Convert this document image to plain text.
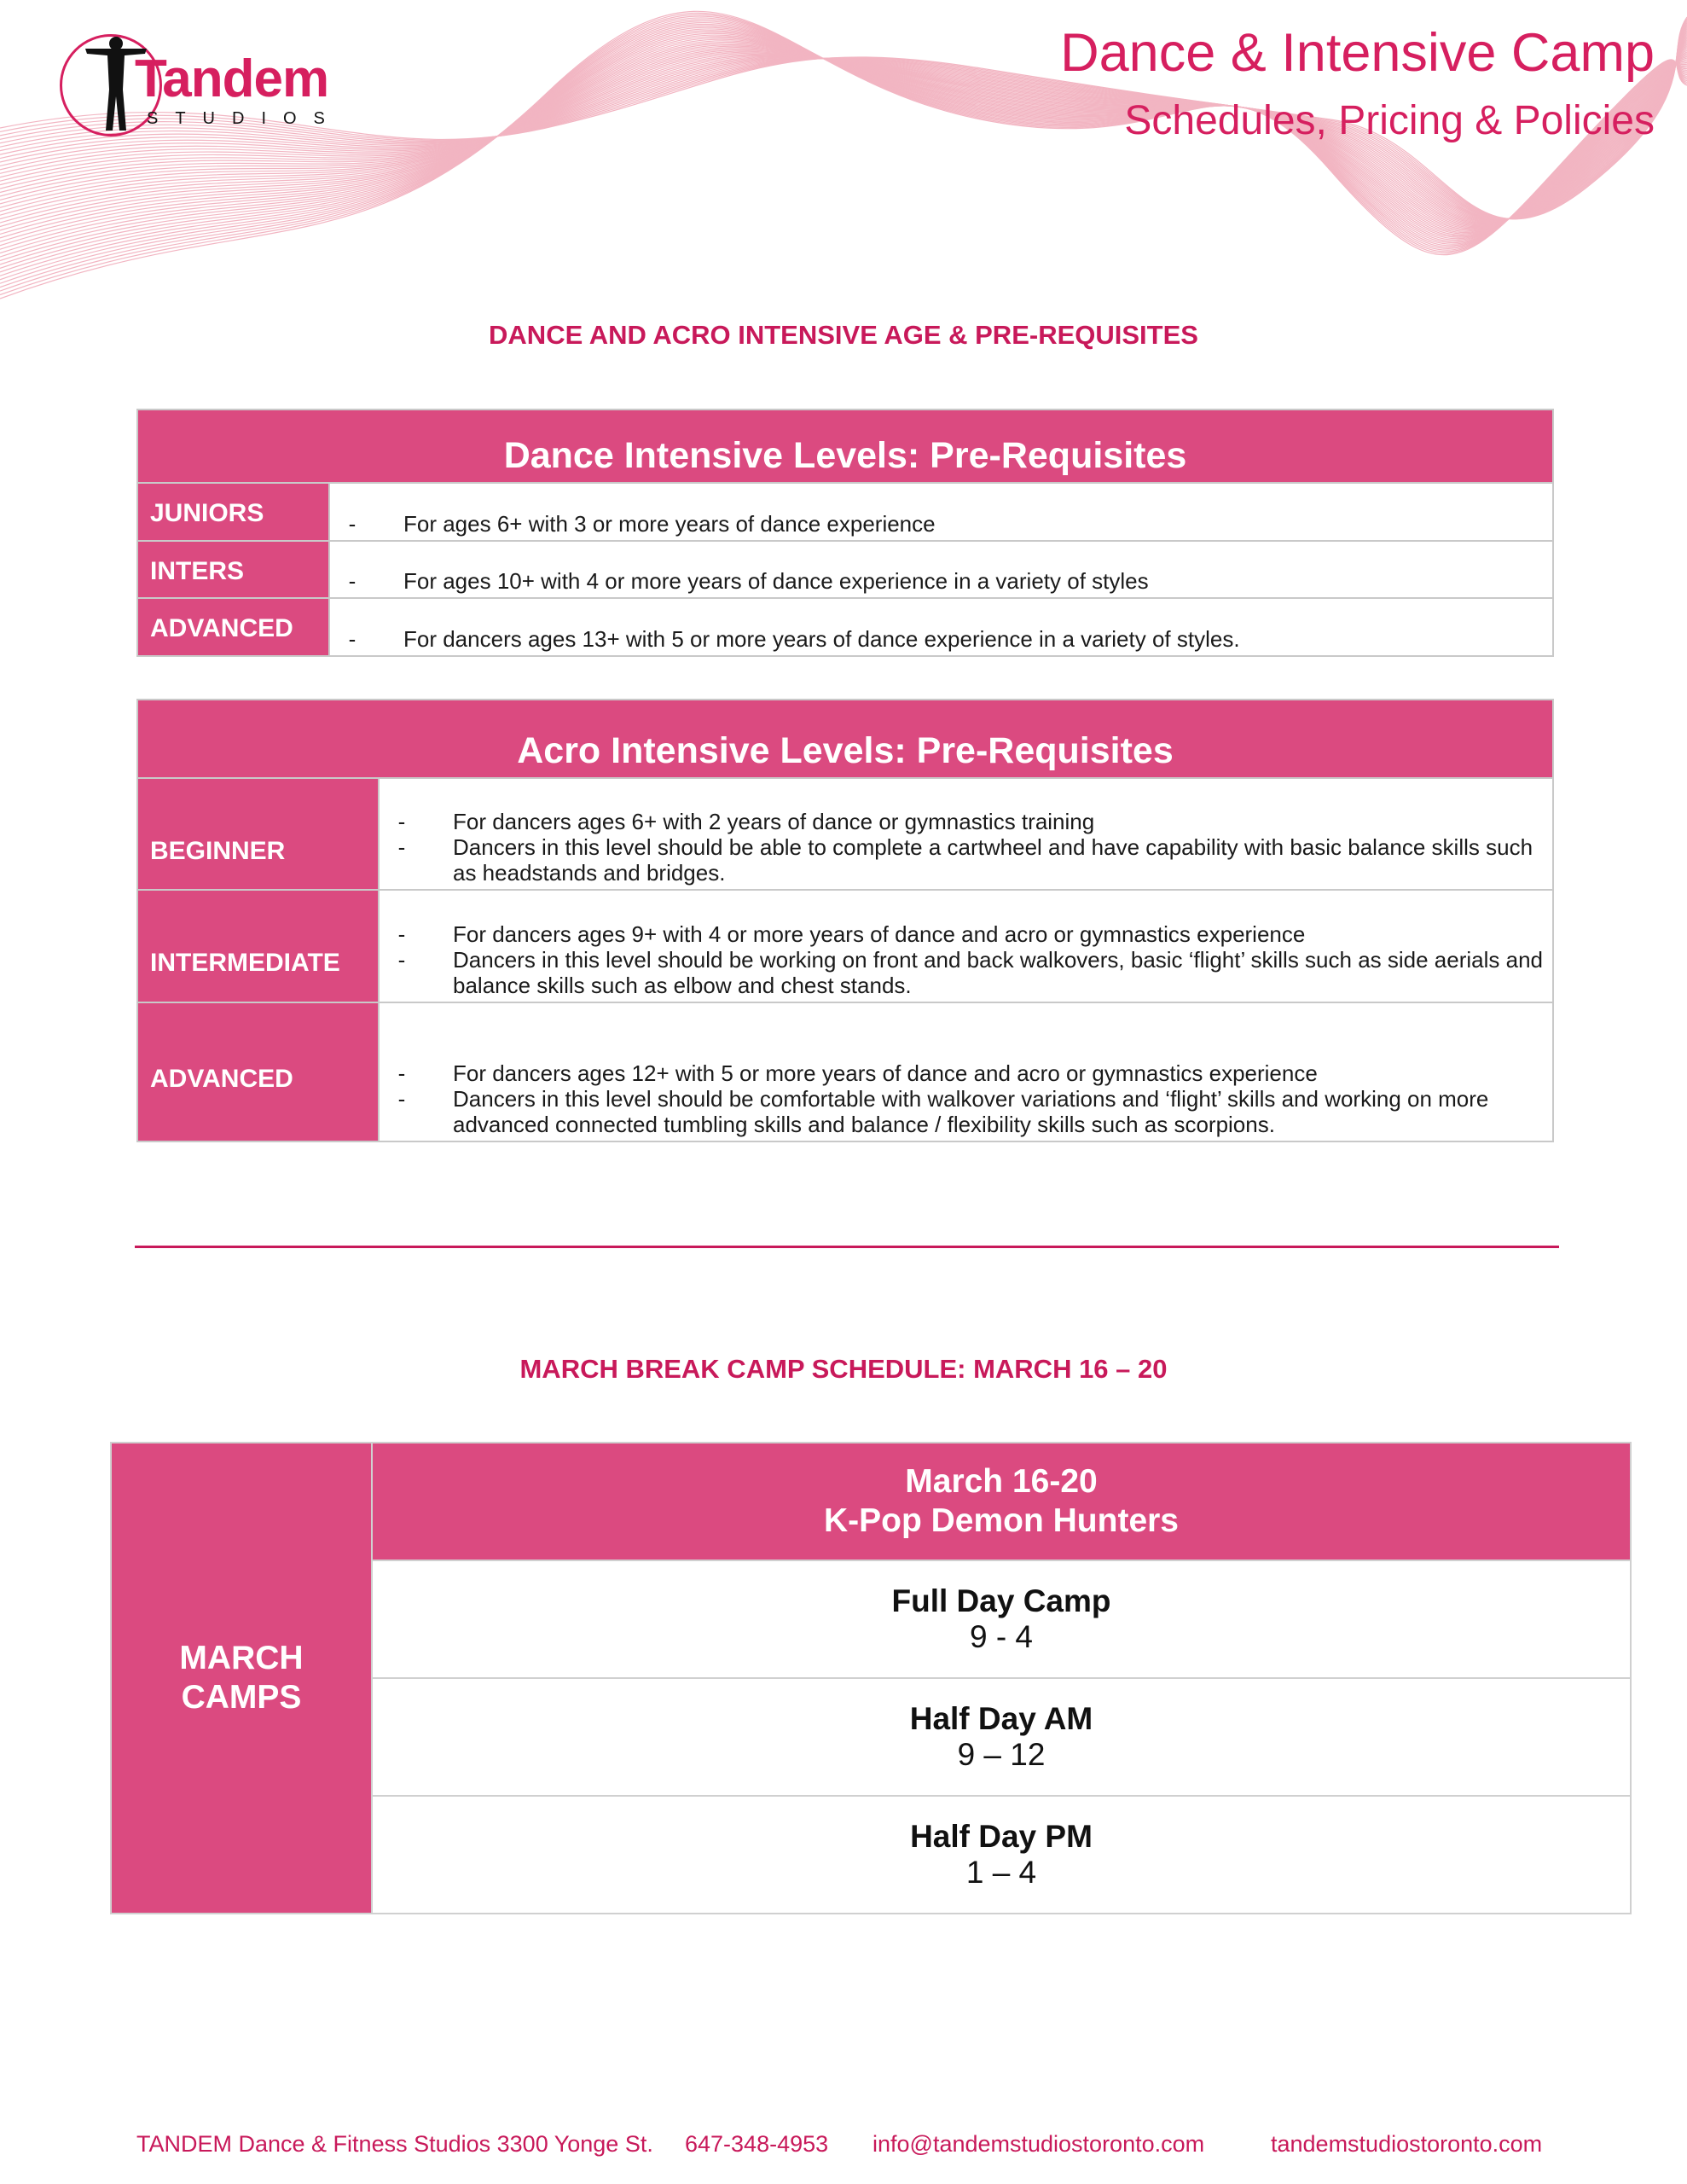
Tandem
STUDIOS
Dance & Intensive Camp
Schedules, Pricing & Policies
DANCE AND ACRO INTENSIVE AGE & PRE-REQUISITES
Dance Intensive Levels: Pre-Requisites	
JUNIORS	- For ages 6+ with 3 or more years of dance experience

INTERS	- For ages 10+ with 4 or more years of dance experience in a variety of styles

ADVANCED	- For dancers ages 13+ with 5 or more years of dance experience in a variety of styles.
Acro Intensive Levels: Pre-Requisites	
BEGINNER	- For dancers ages 6+ with 2 years of dance or gymnastics training
- Dancers in this level should be able to complete a cartwheel and have capability with basic balance skills such as headstands and bridges.

INTERMEDIATE	- For dancers ages 9+ with 4 or more years of dance and acro or gymnastics experience
- Dancers in this level should be working on front and back walkovers, basic ‘flight’ skills such as side aerials and balance skills such as elbow and chest stands.

ADVANCED	- For dancers ages 12+ with 5 or more years of dance and acro or gymnastics experience
- Dancers in this level should be comfortable with walkover variations and ‘flight’ skills and working on more advanced connected tumbling skills and balance / flexibility skills such as scorpions.
MARCH BREAK CAMP SCHEDULE: MARCH 16 – 20
MARCH
CAMPS

March 16-20
K-Pop Demon Hunters

Full Day Camp
9 - 4

Half Day AM
9 – 12

Half Day PM
1 – 4
TANDEM Dance & Fitness Studios 3300 Yonge St. 647-348-4953 info@tandemstudiostoronto.com	tandemstudiostoronto.com
